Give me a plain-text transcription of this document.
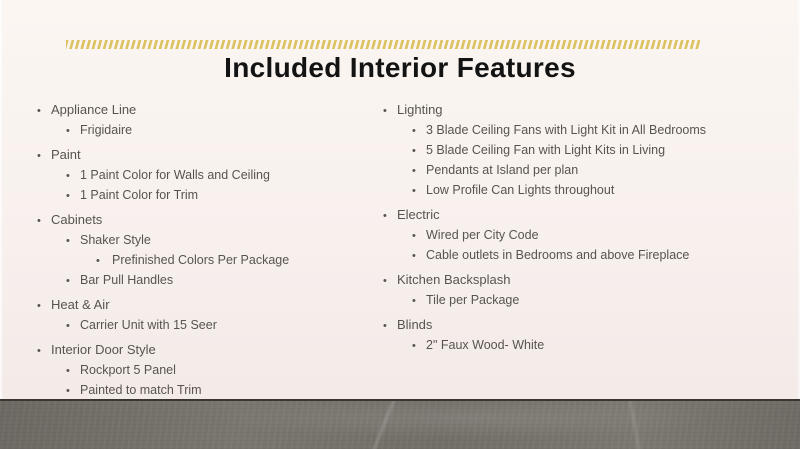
Included Interior Features
• Appliance Line
• Frigidaire
• Paint
• 1 Paint Color for Walls and Ceiling
• 1 Paint Color for Trim
• Cabinets
• Shaker Style
• Prefinished Colors Per Package
• Bar Pull Handles
• Heat & Air
• Carrier Unit with 15 Seer
• Interior Door Style
• Rockport 5 Panel
• Painted to match Trim
• Lighting
• 3 Blade Ceiling Fans with Light Kit in All Bedrooms
• 5 Blade Ceiling Fan with Light Kits in Living
• Pendants at Island per plan
• Low Profile Can Lights throughout
• Electric
• Wired per City Code
• Cable outlets in Bedrooms and above Fireplace
• Kitchen Backsplash
• Tile per Package
• Blinds
• 2" Faux Wood- White
